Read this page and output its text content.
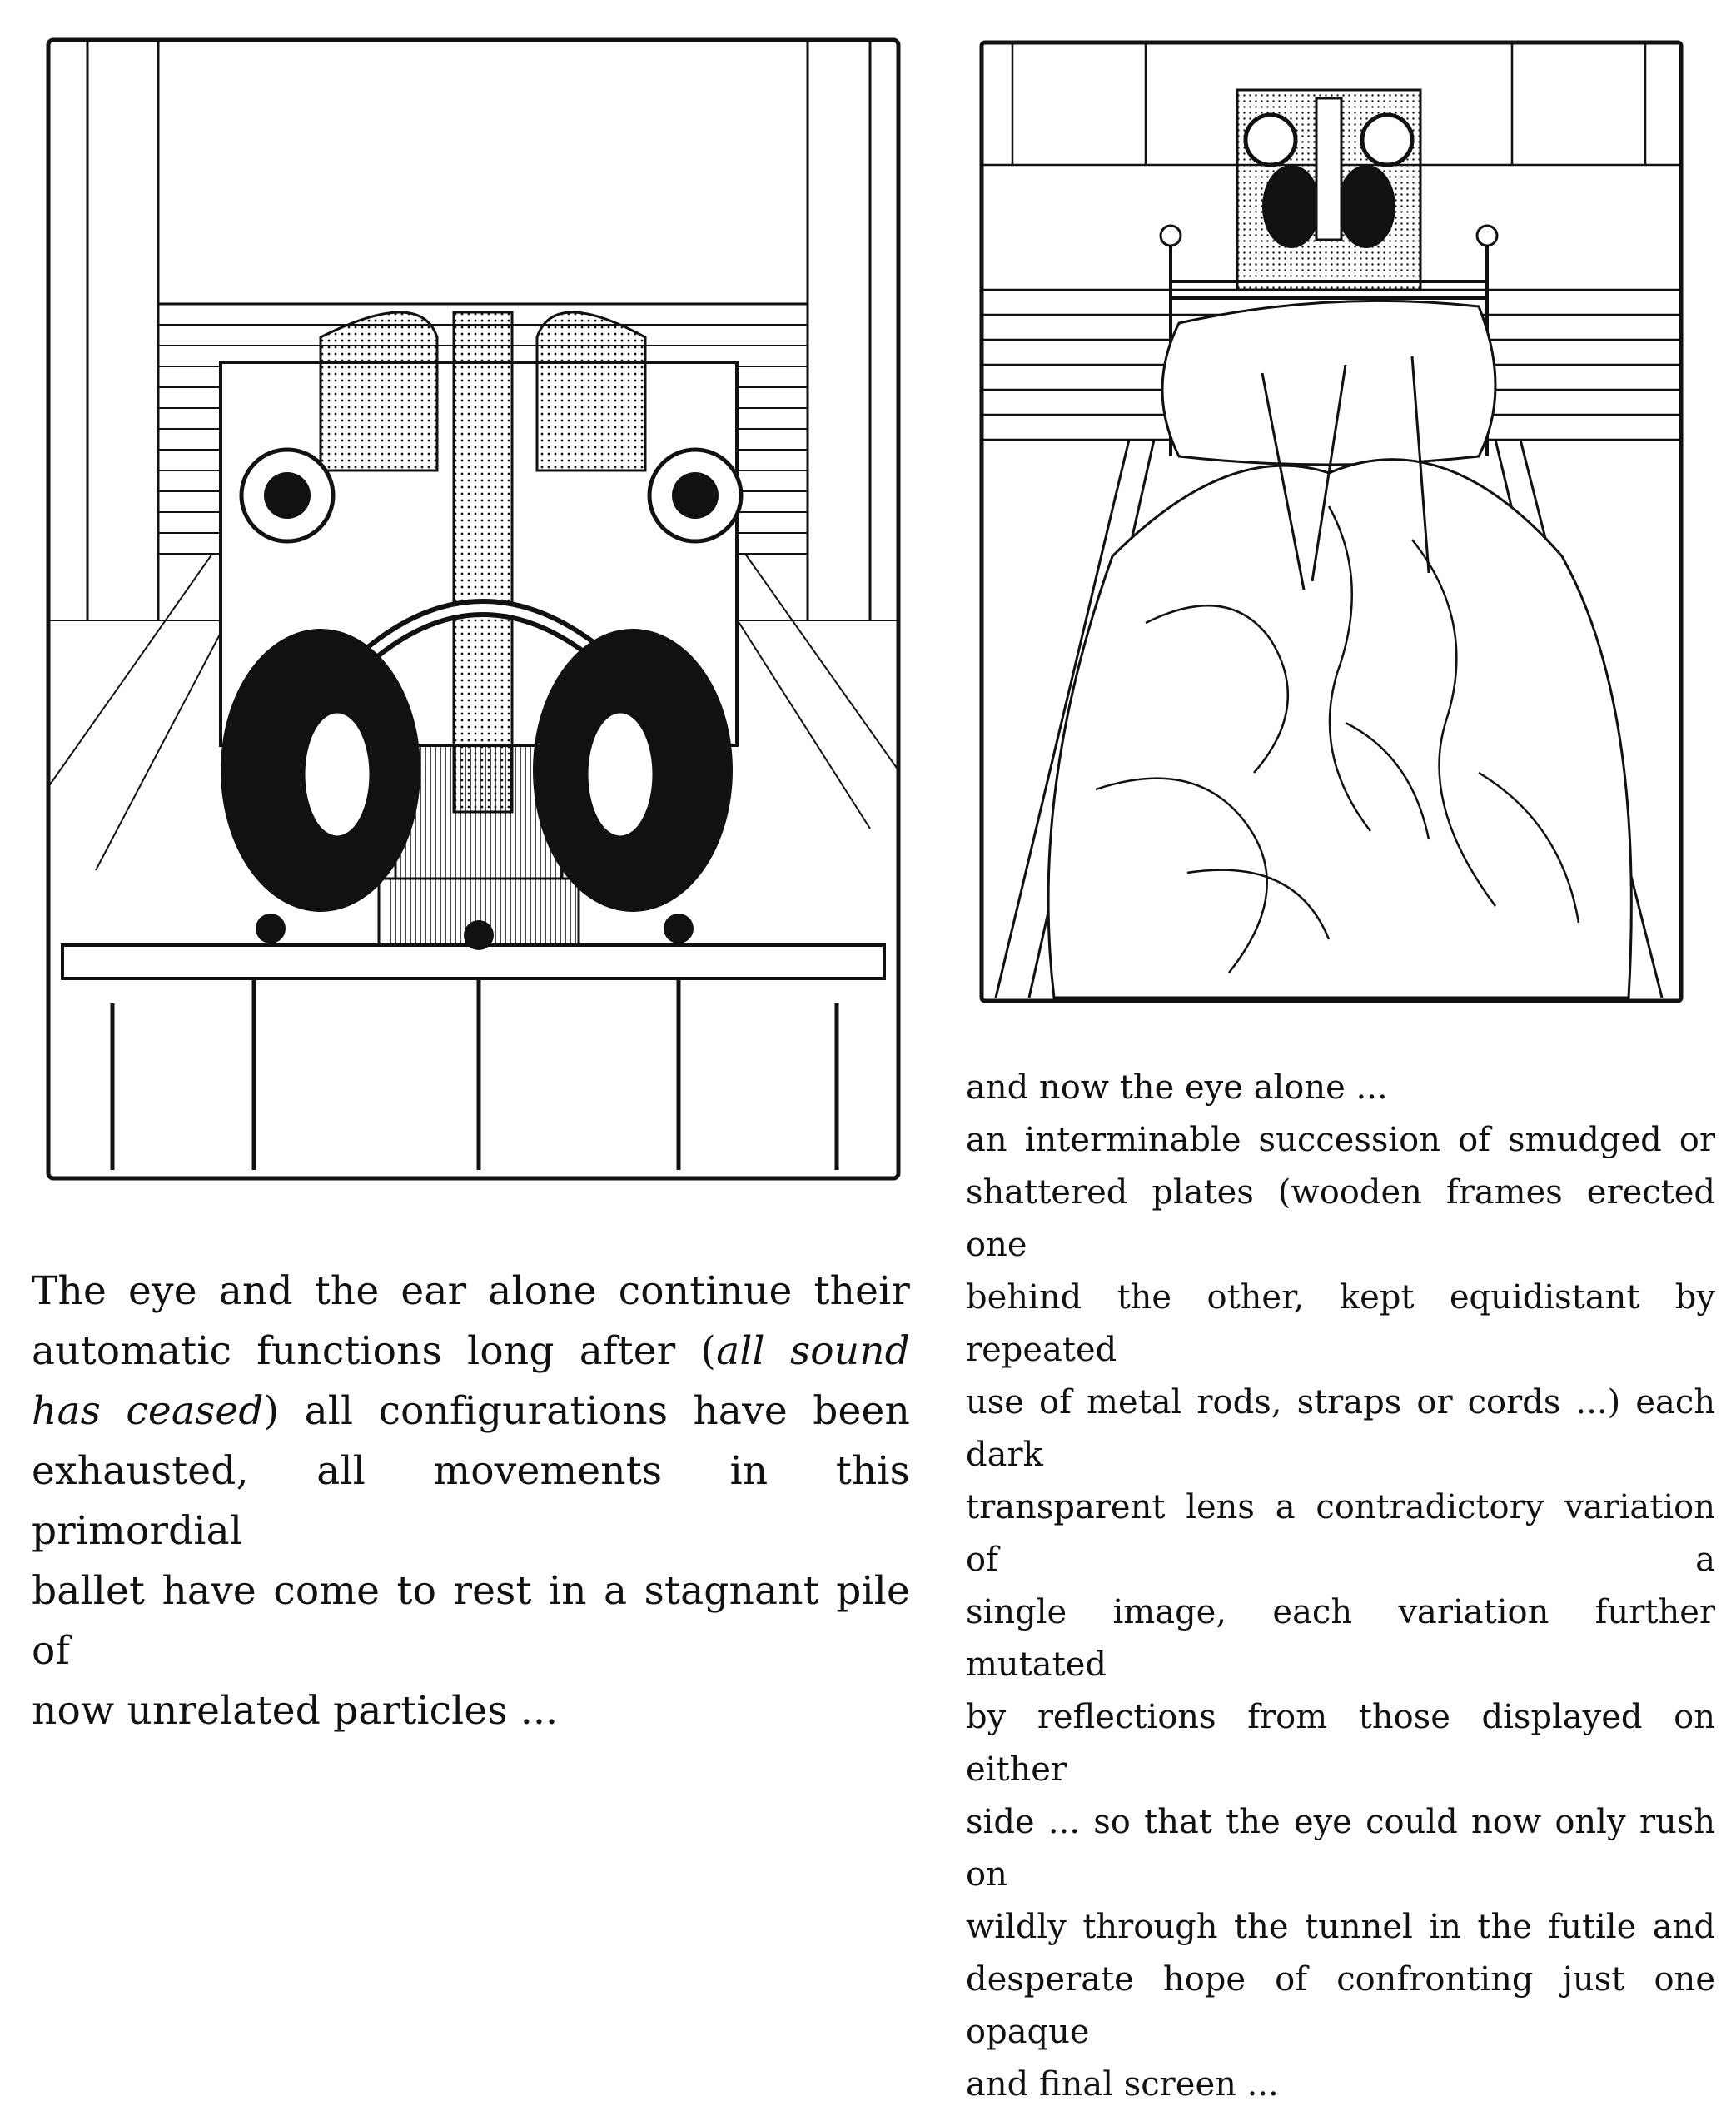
The eye and the ear alone continue their
automatic functions long after (all sound
has ceased) all configurations have been
exhausted, all movements in this primordial
ballet have come to rest in a stagnant pile of
now unrelated particles ...

and now the eye alone ...
an interminable succession of smudged or
shattered plates (wooden frames erected one
behind the other, kept equidistant by repeated
use of metal rods, straps or cords ...) each dark
transparent lens a contradictory variation of a
single image, each variation further mutated
by reflections from those displayed on either
side ... so that the eye could now only rush on
wildly through the tunnel in the futile and
desperate hope of confronting just one opaque
and final screen ...
